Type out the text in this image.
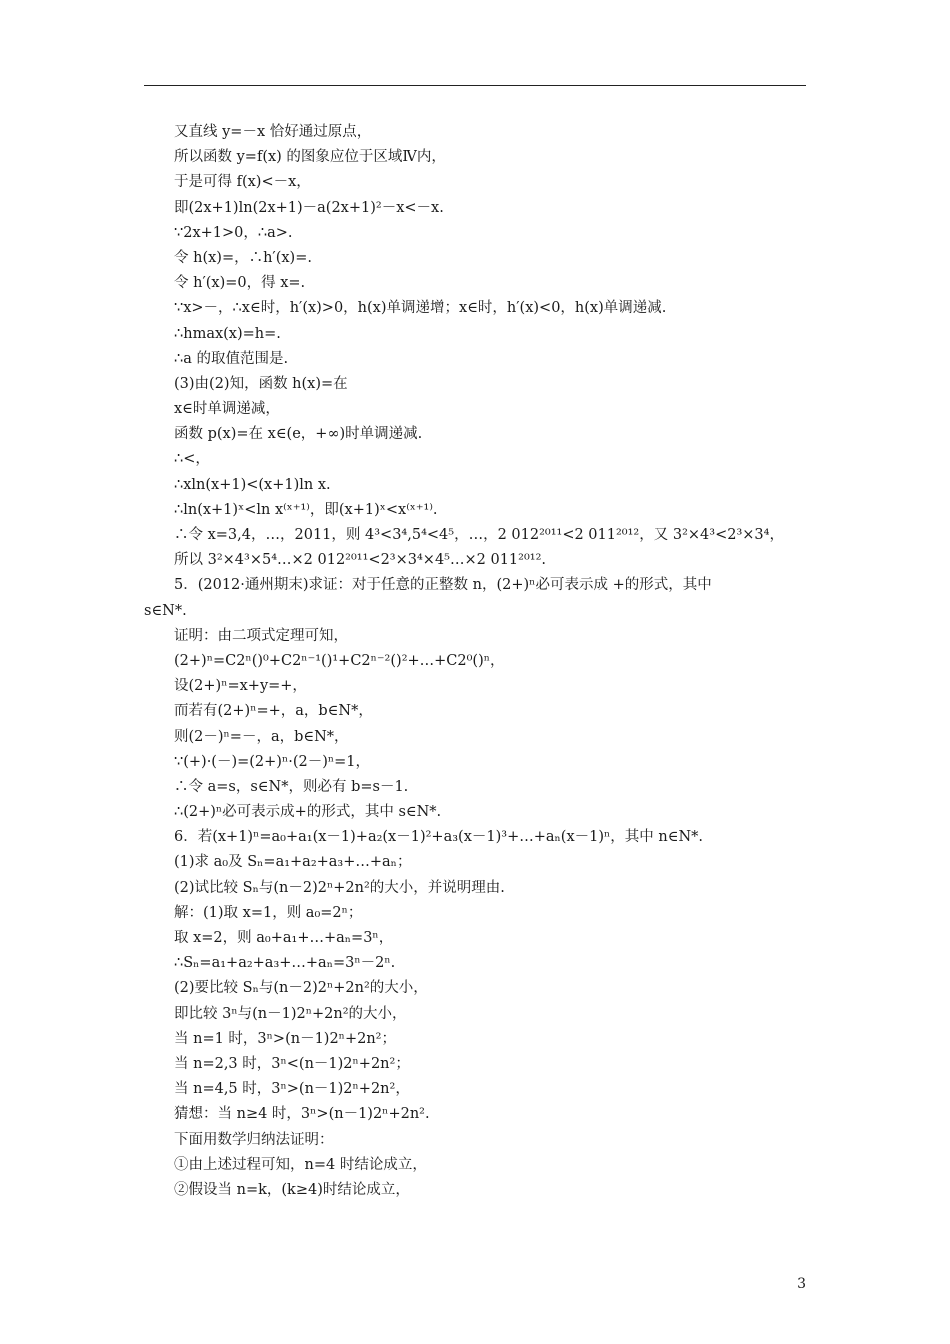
又直线 y=－x 恰好通过原点，
所以函数 y=f(x) 的图象应位于区域Ⅳ内，
于是可得 f(x)<－x，
即(2x+1)ln(2x+1)－a(2x+1)²－x<－x.
∵2x+1>0，∴a>.
令 h(x)=，∴h′(x)=.
令 h′(x)=0，得 x=.
∵x>－，∴x∈时，h′(x)>0，h(x)单调递增；x∈时，h′(x)<0，h(x)单调递减.
∴hmax(x)=h=.
∴a 的取值范围是.
(3)由(2)知，函数 h(x)=在
x∈时单调递减，
函数 p(x)=在 x∈(e，+∞)时单调递减.
∴<，
∴xln(x+1)<(x+1)ln x.
∴ln(x+1)ˣ<ln x⁽ˣ⁺¹⁾，即(x+1)ˣ<x⁽ˣ⁺¹⁾.
∴令 x=3,4，…，2011，则 4³<3⁴,5⁴<4⁵，…，2 012²⁰¹¹<2 011²⁰¹²，又 3²×4³<2³×3⁴，
所以 3²×4³×5⁴…×2 012²⁰¹¹<2³×3⁴×4⁵…×2 011²⁰¹².
5．(2012·通州期末)求证：对于任意的正整数 n，(2+)ⁿ必可表示成 +的形式，其中
s∈N*.
证明：由二项式定理可知，
(2+)ⁿ=C2ⁿ()⁰+C2ⁿ⁻¹()¹+C2ⁿ⁻²()²+…+C2⁰()ⁿ，
设(2+)ⁿ=x+y=+，
而若有(2+)ⁿ=+，a，b∈N*，
则(2－)ⁿ=－，a，b∈N*，
∵(+)·(－)=(2+)ⁿ·(2－)ⁿ=1，
∴令 a=s，s∈N*，则必有 b=s－1.
∴(2+)ⁿ必可表示成+的形式，其中 s∈N*.
6．若(x+1)ⁿ=a₀+a₁(x－1)+a₂(x－1)²+a₃(x－1)³+…+aₙ(x－1)ⁿ，其中 n∈N*.
(1)求 a₀及 Sₙ=a₁+a₂+a₃+…+aₙ；
(2)试比较 Sₙ与(n－2)2ⁿ+2n²的大小，并说明理由.
解：(1)取 x=1，则 a₀=2ⁿ；
取 x=2，则 a₀+a₁+…+aₙ=3ⁿ，
∴Sₙ=a₁+a₂+a₃+…+aₙ=3ⁿ－2ⁿ.
(2)要比较 Sₙ与(n－2)2ⁿ+2n²的大小，
即比较 3ⁿ与(n－1)2ⁿ+2n²的大小，
当 n=1 时，3ⁿ>(n－1)2ⁿ+2n²；
当 n=2,3 时，3ⁿ<(n－1)2ⁿ+2n²；
当 n=4,5 时，3ⁿ>(n－1)2ⁿ+2n²，
猜想：当 n≥4 时，3ⁿ>(n－1)2ⁿ+2n².
下面用数学归纳法证明：
①由上述过程可知，n=4 时结论成立，
②假设当 n=k，(k≥4)时结论成立，
3
